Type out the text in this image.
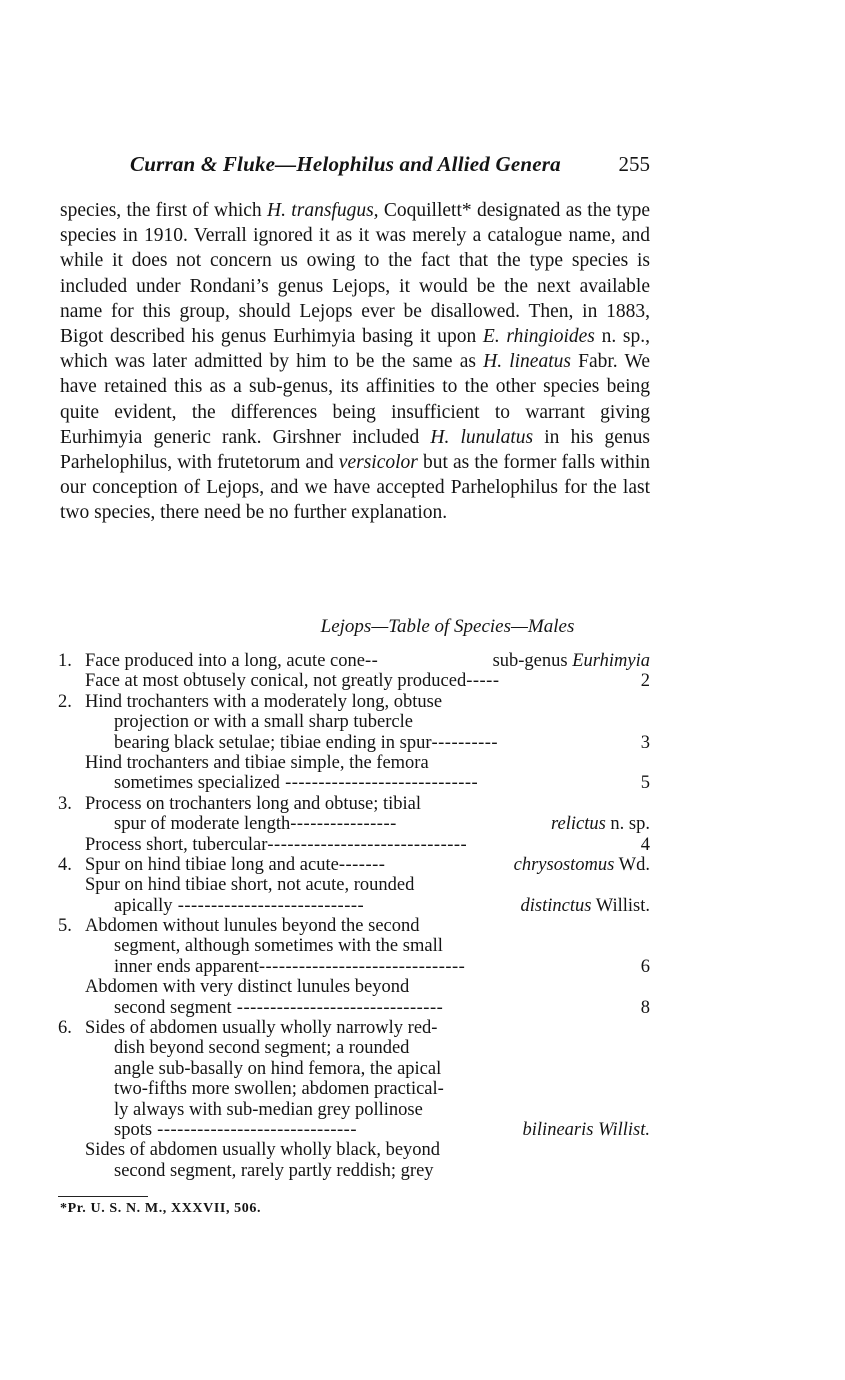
Curran & Fluke—Helophilus and Allied Genera	255

species, the first of which H. transfugus, Coquillett* designated as the type species in 1910. Verrall ignored it as it was merely a catalogue name, and while it does not concern us owing to the fact that the type species is included under Rondani’s genus Lejops, it would be the next available name for this group, should Lejops ever be disallowed. Then, in 1883, Bigot described his genus Eurhimyia basing it upon E. rhingioides n. sp., which was later admitted by him to be the same as H. lineatus Fabr. We have retained this as a sub-genus, its affinities to the other species being quite evident, the differences being insufficient to warrant giving Eurhimyia generic rank. Girshner included H. lunulatus in his genus Parhelophilus, with frutetorum and versicolor but as the former falls within our conception of Lejops, and we have accepted Parhelophilus for the last two species, there need be no further explanation.

Lejops—Table of Species—Males
1. Face produced into a long, acute cone--	sub-genus Eurhimyia
Face at most obtusely conical, not greatly produced-----	2
2. Hind trochanters with a moderately long, obtuse
projection or with a small sharp tubercle
bearing black setulae; tibiae ending in spur----------	3
Hind trochanters and tibiae simple, the femora
sometimes specialized -----------------------------	5
3. Process on trochanters long and obtuse; tibial
spur of moderate length----------------	relictus n. sp.
Process short, tubercular------------------------------	4
4. Spur on hind tibiae long and acute-------	chrysostomus Wd.
Spur on hind tibiae short, not acute, rounded
apically ----------------------------	distinctus Willist.
5. Abdomen without lunules beyond the second
segment, although sometimes with the small
inner ends apparent-------------------------------	6
Abdomen with very distinct lunules beyond
second segment -------------------------------	8
6. Sides of abdomen usually wholly narrowly red-
dish beyond second segment; a rounded
angle sub-basally on hind femora, the apical
two-fifths more swollen; abdomen practical-
ly always with sub-median grey pollinose
spots ------------------------------	bilinearis Willist.
Sides of abdomen usually wholly black, beyond
second segment, rarely partly reddish; grey
*Pr. U. S. N. M., XXXVII, 506.
